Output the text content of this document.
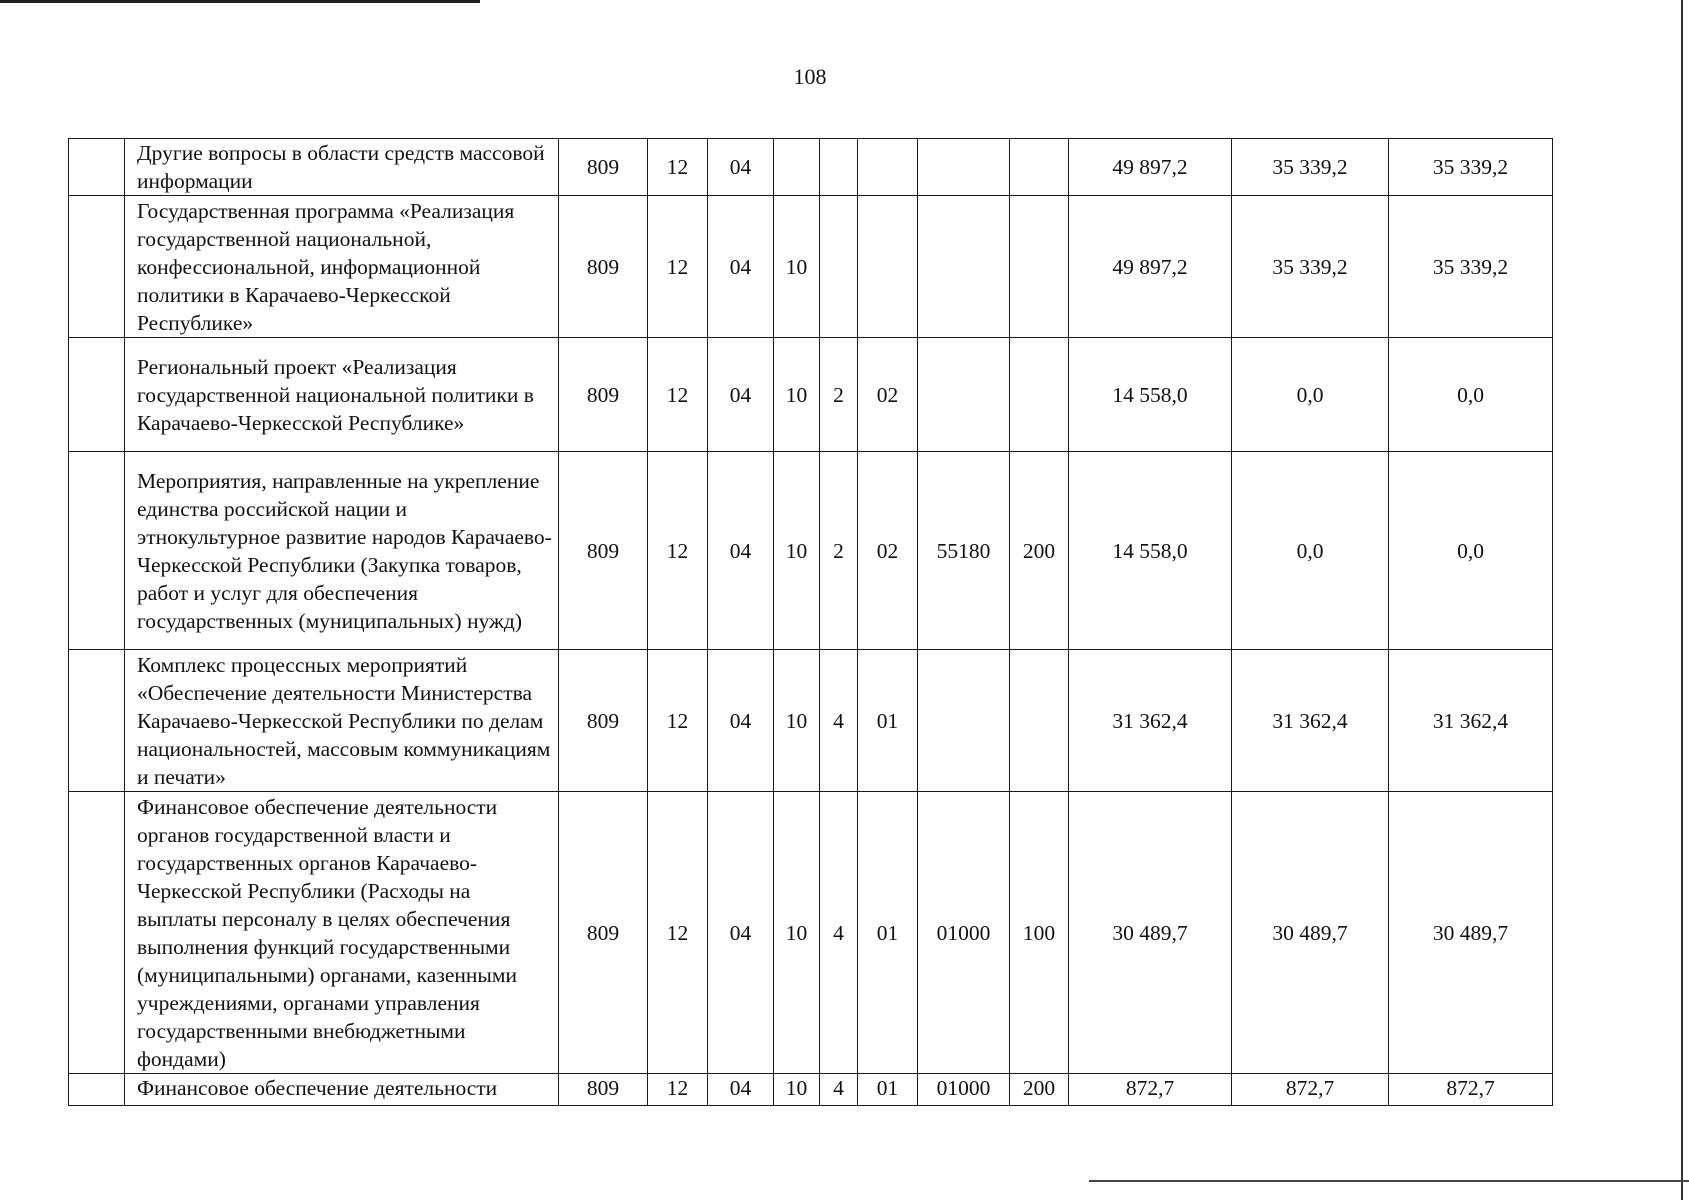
108
	Другие вопросы в области средств массовой информации	809	12	04						49 897,2	35 339,2	35 339,2
	Государственная программа «Реализация государственной национальной, конфессиональной, информационной политики в Карачаево-Черкесской Республике»	809	12	04	10					49 897,2	35 339,2	35 339,2
	Региональный проект «Реализация государственной национальной политики в Карачаево-Черкесской Республике»	809	12	04	10	2	02			14 558,0	0,0	0,0
	Мероприятия, направленные на укрепление единства российской нации и этнокультурное развитие народов Карачаево-Черкесской Республики (Закупка товаров, работ и услуг для обеспечения государственных (муниципальных) нужд)	809	12	04	10	2	02	55180	200	14 558,0	0,0	0,0
	Комплекс процессных мероприятий «Обеспечение деятельности Министерства Карачаево-Черкесской Республики по делам национальностей, массовым коммуникациям и печати»	809	12	04	10	4	01			31 362,4	31 362,4	31 362,4
	Финансовое обеспечение деятельности органов государственной власти и государственных органов Карачаево-Черкесской Республики (Расходы на выплаты персоналу в целях обеспечения выполнения функций государственными (муниципальными) органами, казенными учреждениями, органами управления государственными внебюджетными фондами)	809	12	04	10	4	01	01000	100	30 489,7	30 489,7	30 489,7
	Финансовое обеспечение деятельности	809	12	04	10	4	01	01000	200	872,7	872,7	872,7
